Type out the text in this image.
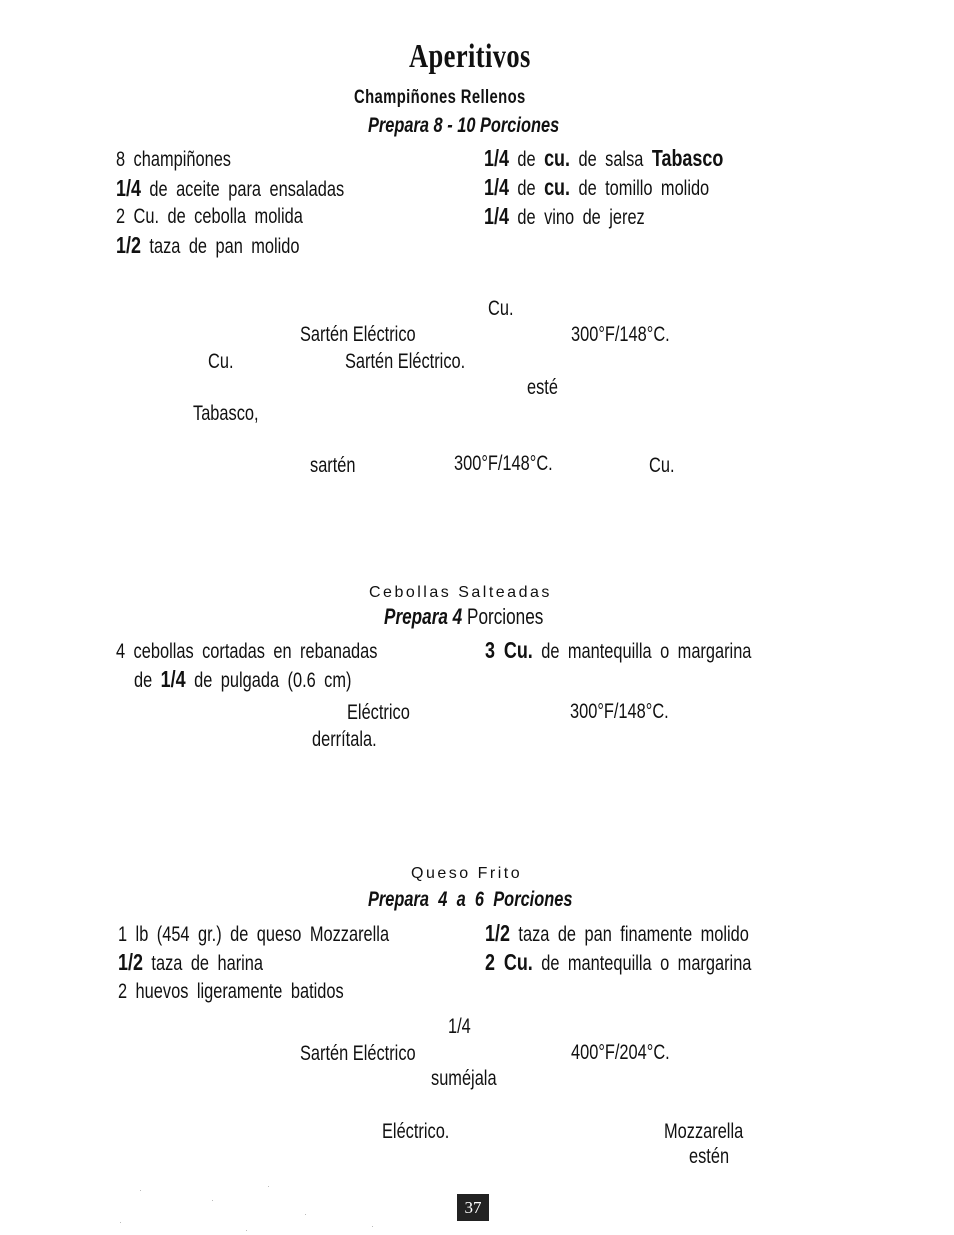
Aperitivos
Champiñones Rellenos
Prepara 8 - 10 Porciones
8 champiñones
1/4 de aceite para ensaladas
2 Cu. de cebolla molida
1/2 taza de pan molido
1/4 de cu. de salsa Tabasco
1/4 de cu. de tomillo molido
1/4 de vino de jerez
Cu.
Sartén Eléctrico	300°F/148°C.
Cu.	Sartén Eléctrico.
esté
Tabasco,
sartén	300°F/148°C.	Cu.
Cebollas Salteadas
Prepara 4 Porciones
4 cebollas cortadas en rebanadas
de 1/4 de pulgada (0.6 cm)
3 Cu. de mantequilla o margarina
Eléctrico	300°F/148°C.
derrítala.
Queso Frito
Prepara 4 a 6 Porciones
1 lb (454 gr.) de queso Mozzarella
1/2 taza de harina
2 huevos ligeramente batidos
1/2 taza de pan finamente molido
2 Cu. de mantequilla o margarina
1/4
Sartén Eléctrico	400°F/204°C.
suméjala
Eléctrico.	Mozzarella
estén
37
